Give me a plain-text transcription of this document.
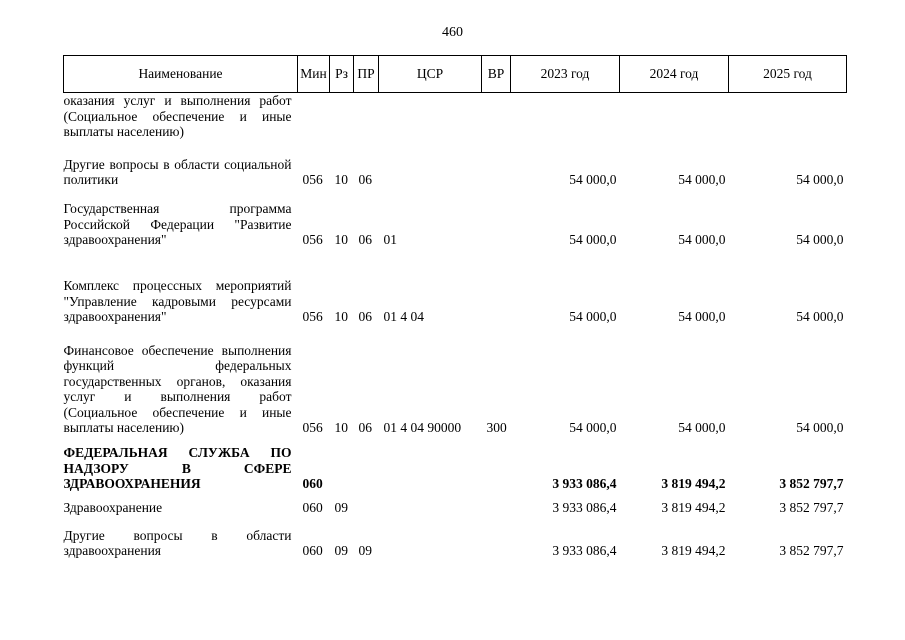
460
Наименование	Мин	Рз	ПР	ЦСР	ВР	2023 год	2024 год	2025 год
оказания услуг и выполнения работ (Социальное обеспечение и иные выплаты населению)								
Другие вопросы в области социальной политики	056	10	06			54 000,0	54 000,0	54 000,0
Государственная программа Российской Федерации "Развитие здравоохранения"	056	10	06	01		54 000,0	54 000,0	54 000,0
Комплекс процессных мероприятий "Управление кадровыми ресурсами здравоохранения"	056	10	06	01 4 04		54 000,0	54 000,0	54 000,0
Финансовое обеспечение выполнения функций федеральных государственных органов, оказания услуг и выполнения работ (Социальное обеспечение и иные выплаты населению)	056	10	06	01 4 04 90000	300	54 000,0	54 000,0	54 000,0
ФЕДЕРАЛЬНАЯ СЛУЖБА ПО НАДЗОРУ В СФЕРЕ ЗДРАВООХРАНЕНИЯ	060					3 933 086,4	3 819 494,2	3 852 797,7
Здравоохранение	060	09				3 933 086,4	3 819 494,2	3 852 797,7
Другие вопросы в области здравоохранения	060	09	09			3 933 086,4	3 819 494,2	3 852 797,7
